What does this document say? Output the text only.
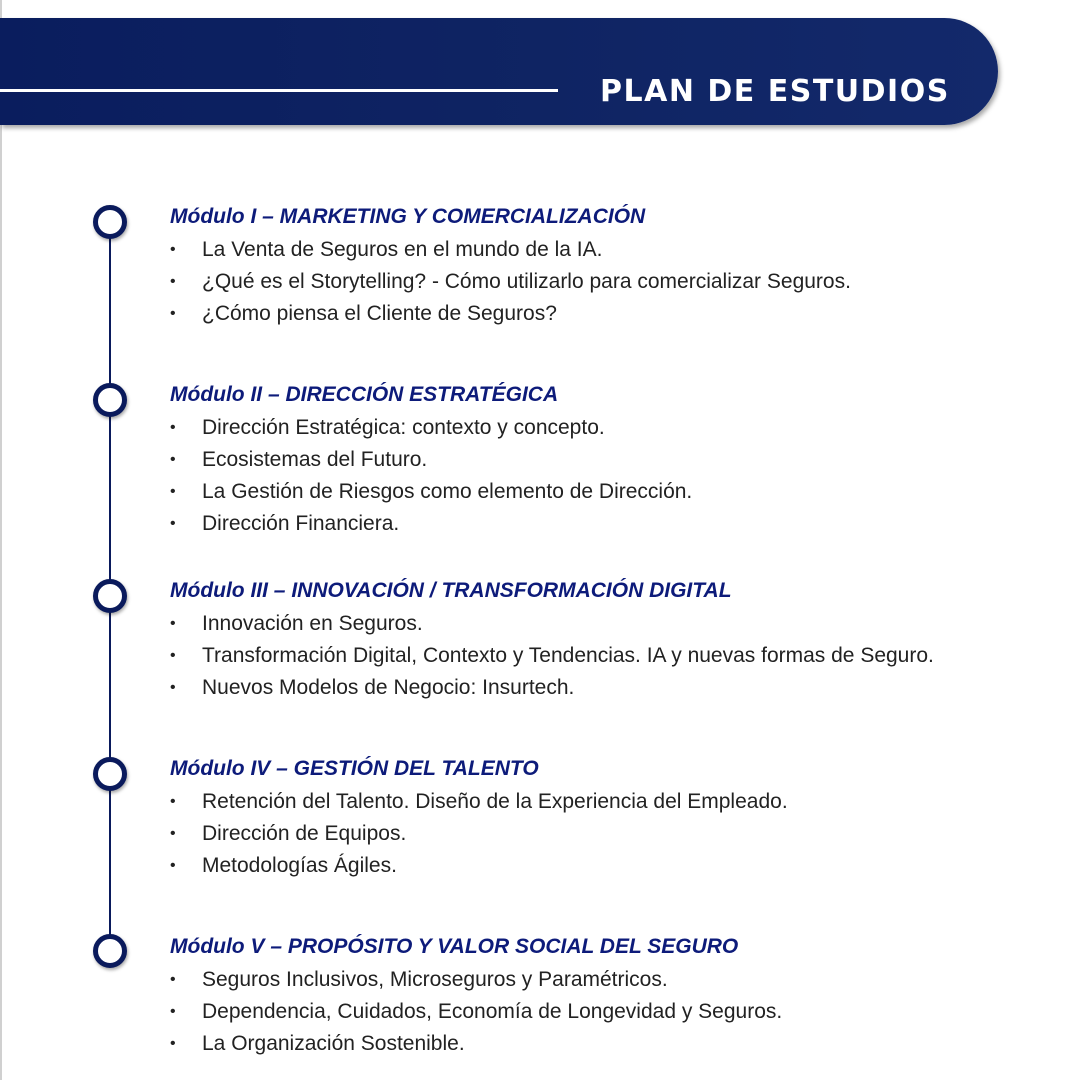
PLAN DE ESTUDIOS
Módulo I – MARKETING Y COMERCIALIZACIÓN
• La Venta de Seguros en el mundo de la IA.
• ¿Qué es el Storytelling? - Cómo utilizarlo para comercializar Seguros.
• ¿Cómo piensa el Cliente de Seguros?
Módulo II – DIRECCIÓN ESTRATÉGICA
• Dirección Estratégica: contexto y concepto.
• Ecosistemas del Futuro.
• La Gestión de Riesgos como elemento de Dirección.
• Dirección Financiera.
Módulo III – INNOVACIÓN / TRANSFORMACIÓN DIGITAL
• Innovación en Seguros.
• Transformación Digital, Contexto y Tendencias. IA y nuevas formas de Seguro.
• Nuevos Modelos de Negocio: Insurtech.
Módulo IV – GESTIÓN DEL TALENTO
• Retención del Talento. Diseño de la Experiencia del Empleado.
• Dirección de Equipos.
• Metodologías Ágiles.
Módulo V – PROPÓSITO Y VALOR SOCIAL DEL SEGURO
• Seguros Inclusivos, Microseguros y Paramétricos.
• Dependencia, Cuidados, Economía de Longevidad y Seguros.
• La Organización Sostenible.
